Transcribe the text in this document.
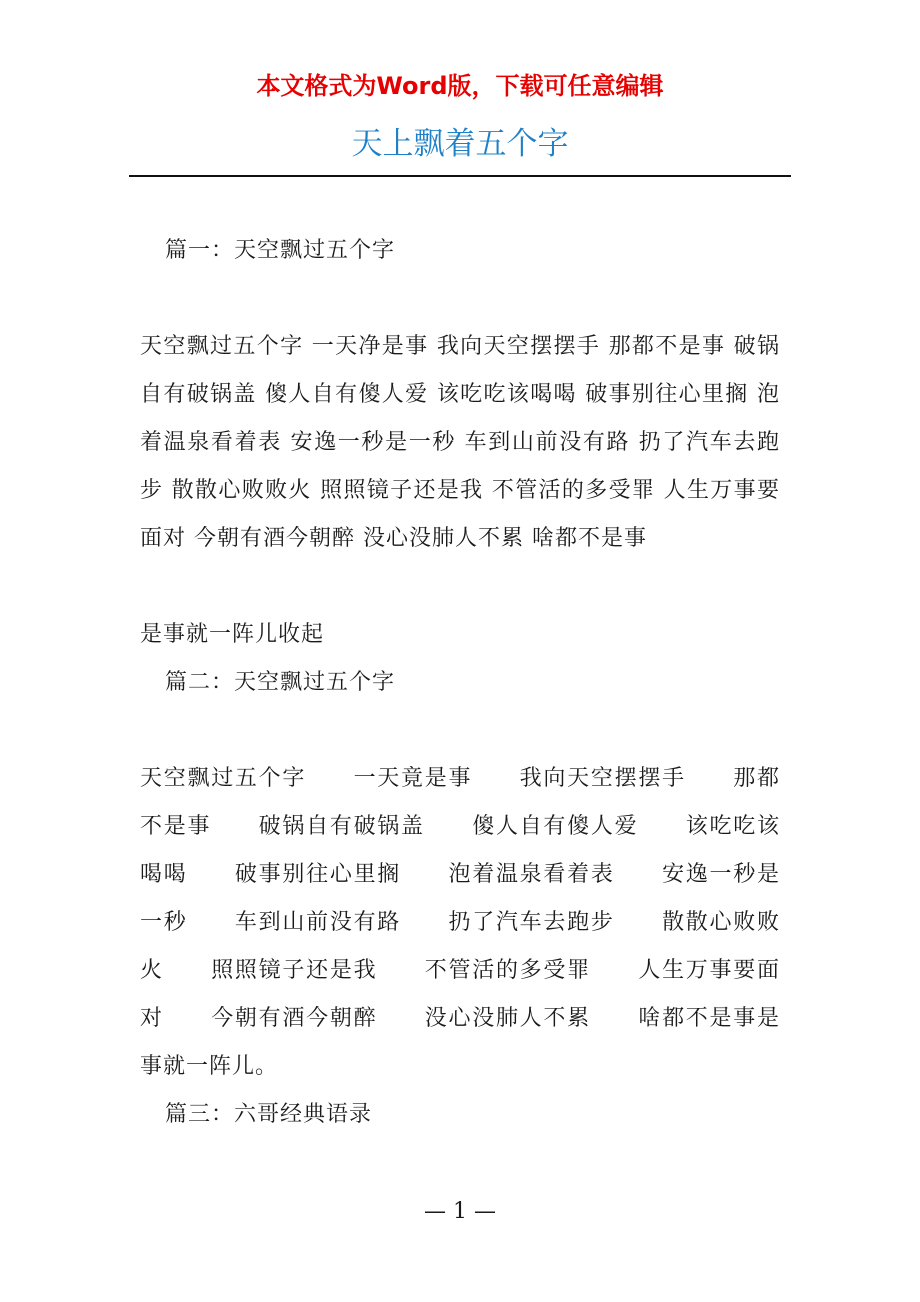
本文格式为Word版，下载可任意编辑
天上飘着五个字

篇一：天空飘过五个字

天空飘过五个字 一天净是事 我向天空摆摆手 那都不是事 破锅自有破锅盖 傻人自有傻人爱 该吃吃该喝喝 破事别往心里搁 泡着温泉看着表 安逸一秒是一秒 车到山前没有路 扔了汽车去跑步 散散心败败火 照照镜子还是我 不管活的多受罪 人生万事要面对 今朝有酒今朝醉 没心没肺人不累 啥都不是事

是事就一阵儿收起

篇二：天空飘过五个字

天空飘过五个字　　一天竟是事　　我向天空摆摆手　　那都不是事　　破锅自有破锅盖　　傻人自有傻人爱　　该吃吃该喝喝　　破事别往心里搁　　泡着温泉看着表　　安逸一秒是一秒　　车到山前没有路　　扔了汽车去跑步　　散散心败败火　　照照镜子还是我　　不管活的多受罪　　人生万事要面对　　今朝有酒今朝醉　　没心没肺人不累　　啥都不是事是事就一阵儿。

篇三：六哥经典语录

— 1 —
